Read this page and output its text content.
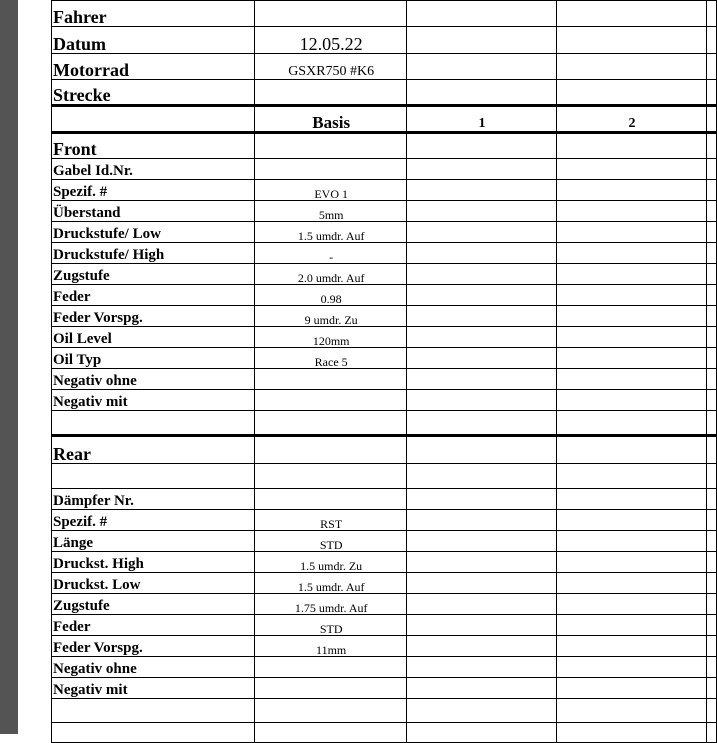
Fahrer				
Datum	12.05.22			
Motorrad	GSXR750 #K6			
Strecke				
	Basis	1	2	
Front				
Gabel Id.Nr.				
Spezif. #	EVO 1			
Überstand	5mm			
Druckstufe/ Low	1.5 umdr. Auf			
Druckstufe/ High	-			
Zugstufe	2.0 umdr. Auf			
Feder	0.98			
Feder Vorspg.	9 umdr. Zu			
Oil Level	120mm			
Oil Typ	Race 5			
Negativ ohne				
Negativ mit				

Rear				

Dämpfer Nr.				
Spezif. #	RST			
Länge	STD			
Druckst. High	1.5 umdr. Zu			
Druckst. Low	1.5 umdr. Auf			
Zugstufe	1.75 umdr. Auf			
Feder	STD			
Feder Vorspg.	11mm			
Negativ ohne				
Negativ mit				
